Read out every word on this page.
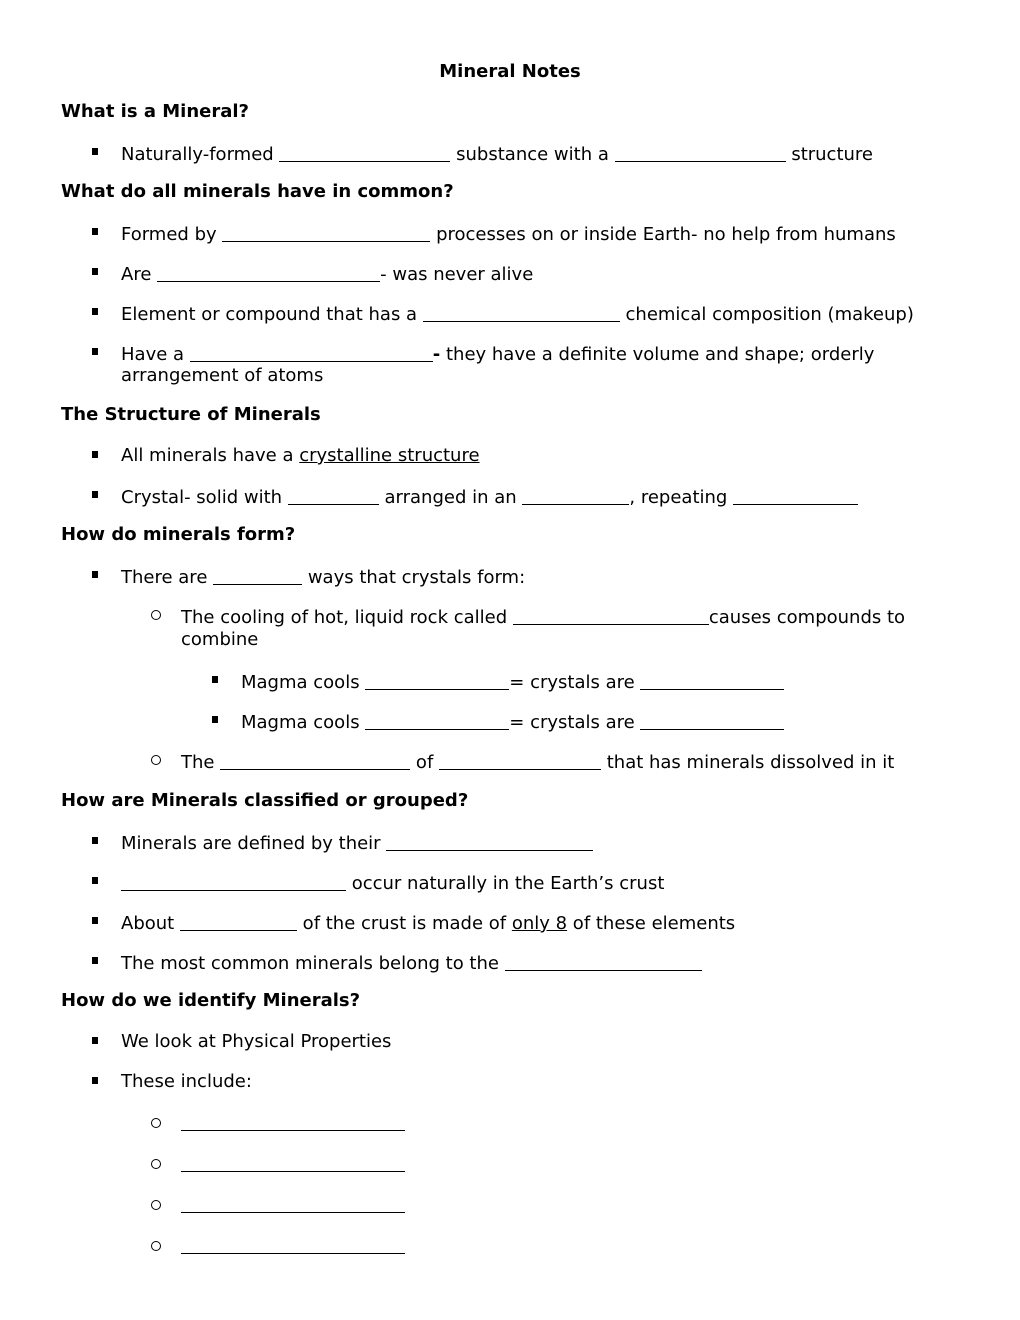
Mineral Notes
What is a Mineral?
Naturally-formed	substance with a	structure
What do all minerals have in common?
Formed by	processes on or inside Earth- no help from humans
Are	- was never alive
Element or compound that has a	chemical composition (makeup)
Have a	- they have a definite volume and shape; orderly
arrangement of atoms
The Structure of Minerals
All minerals have a crystalline structure
Crystal- solid with	arranged in an	, repeating
How do minerals form?
There are	ways that crystals form:
The cooling of hot, liquid rock called	causes compounds to
combine
Magma cools	= crystals are
Magma cools	= crystals are
The	of	that has minerals dissolved in it
How are Minerals classified or grouped?
Minerals are defined by their
occur naturally in the Earth’s crust
About	of the crust is made of only 8 of these elements
The most common minerals belong to the
How do we identify Minerals?
We look at Physical Properties
These include:
